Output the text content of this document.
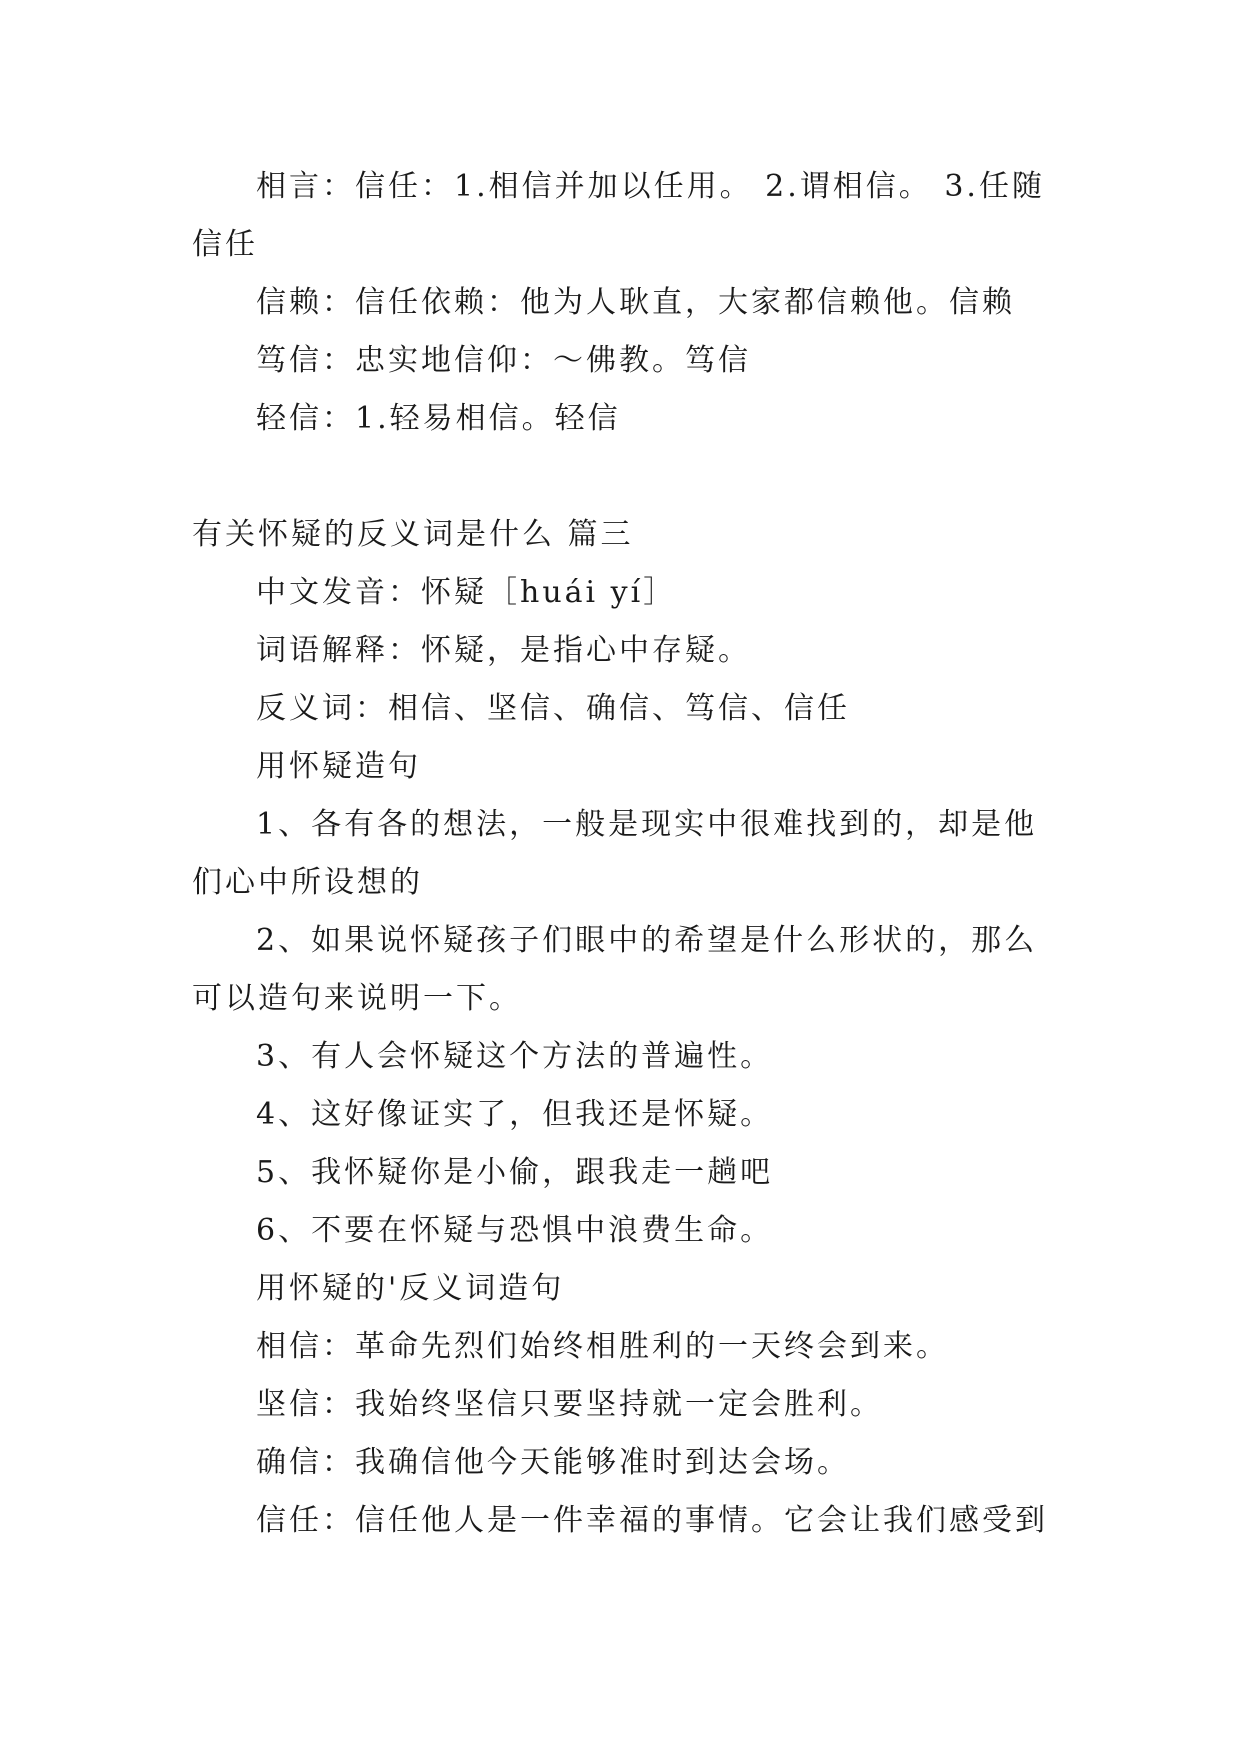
相言：信任：1.相信并加以任用。 2.谓相信。 3.任随信任

信赖：信任依赖：他为人耿直，大家都信赖他。信赖

笃信：忠实地信仰：～佛教。笃信

轻信：1.轻易相信。轻信

有关怀疑的反义词是什么 篇三

中文发音：怀疑［huái yí］

词语解释：怀疑，是指心中存疑。

反义词：相信、坚信、确信、笃信、信任

用怀疑造句

1、各有各的想法，一般是现实中很难找到的，却是他们心中所设想的

2、如果说怀疑孩子们眼中的希望是什么形状的，那么可以造句来说明一下。

3、有人会怀疑这个方法的普遍性。

4、这好像证实了，但我还是怀疑。

5、我怀疑你是小偷，跟我走一趟吧

6、不要在怀疑与恐惧中浪费生命。

用怀疑的'反义词造句

相信：革命先烈们始终相胜利的一天终会到来。

坚信：我始终坚信只要坚持就一定会胜利。

确信：我确信他今天能够准时到达会场。

信任：信任他人是一件幸福的事情。它会让我们感受到
